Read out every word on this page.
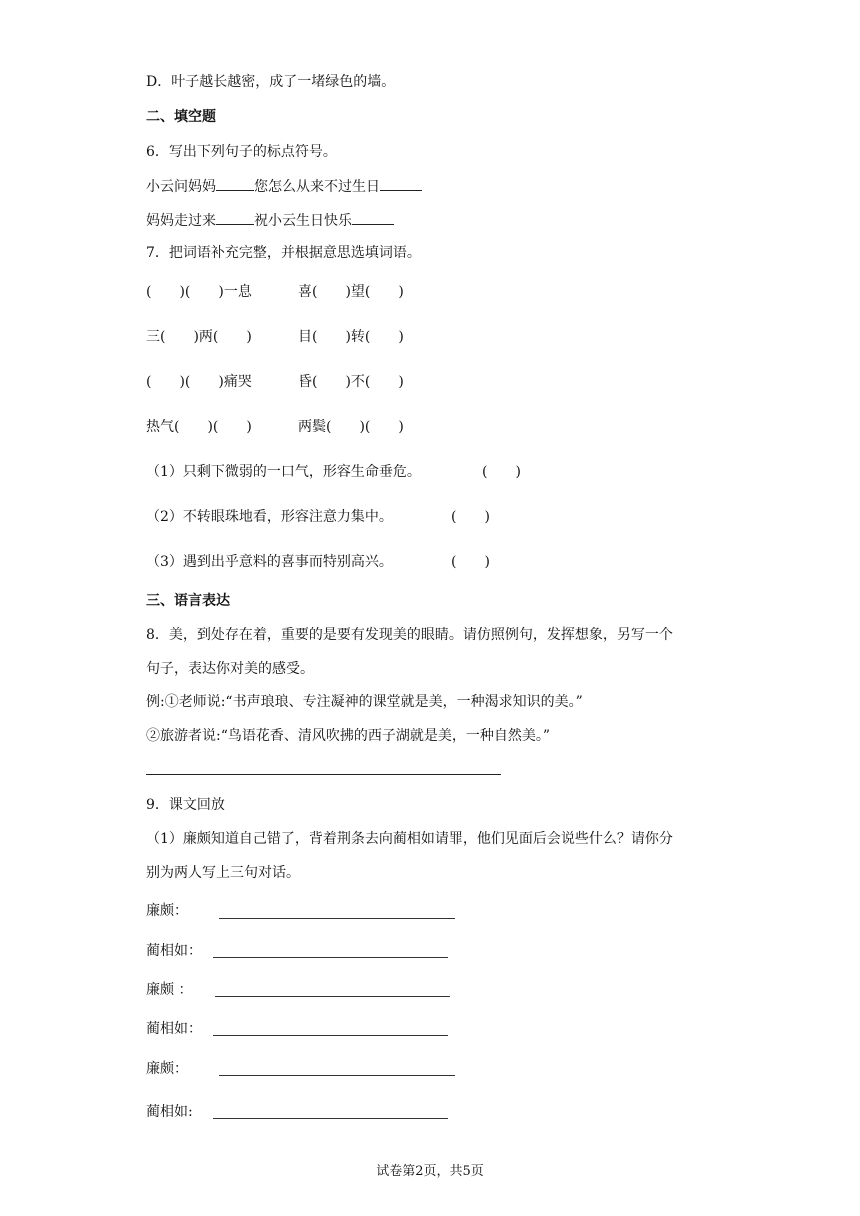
D．叶子越长越密，成了一堵绿色的墙。
二、填空题
6．写出下列句子的标点符号。
小云问妈妈	您怎么从来不过生日
妈妈走过来	祝小云生日快乐
7．把词语补充完整，并根据意思选填词语。
(　　)(　　)一息	喜(　　)望(　　)
三(　　)两(　　)	目(　　)转(　　)
(　　)(　　)痛哭	昏(　　)不(　　)
热气(　　)(　　)	两鬓(　　)(　　)
（1）只剩下微弱的一口气，形容生命垂危。	(　　)
（2）不转眼珠地看，形容注意力集中。	(　　)
（3）遇到出乎意料的喜事而特别高兴。	(　　)
三、语言表达
8．美，到处存在着，重要的是要有发现美的眼睛。请仿照例句，发挥想象，另写一个
句子，表达你对美的感受。
例:①老师说:“书声琅琅、专注凝神的课堂就是美，一种渴求知识的美。”
②旅游者说:“鸟语花香、清风吹拂的西子湖就是美，一种自然美。”
9．课文回放
（1）廉颇知道自己错了，背着荆条去向蔺相如请罪，他们见面后会说些什么？请你分
别为两人写上三句对话。
廉颇：
蔺相如：
廉颇 ：
蔺相如：
廉颇：
蔺相如:
试卷第2页，共5页
